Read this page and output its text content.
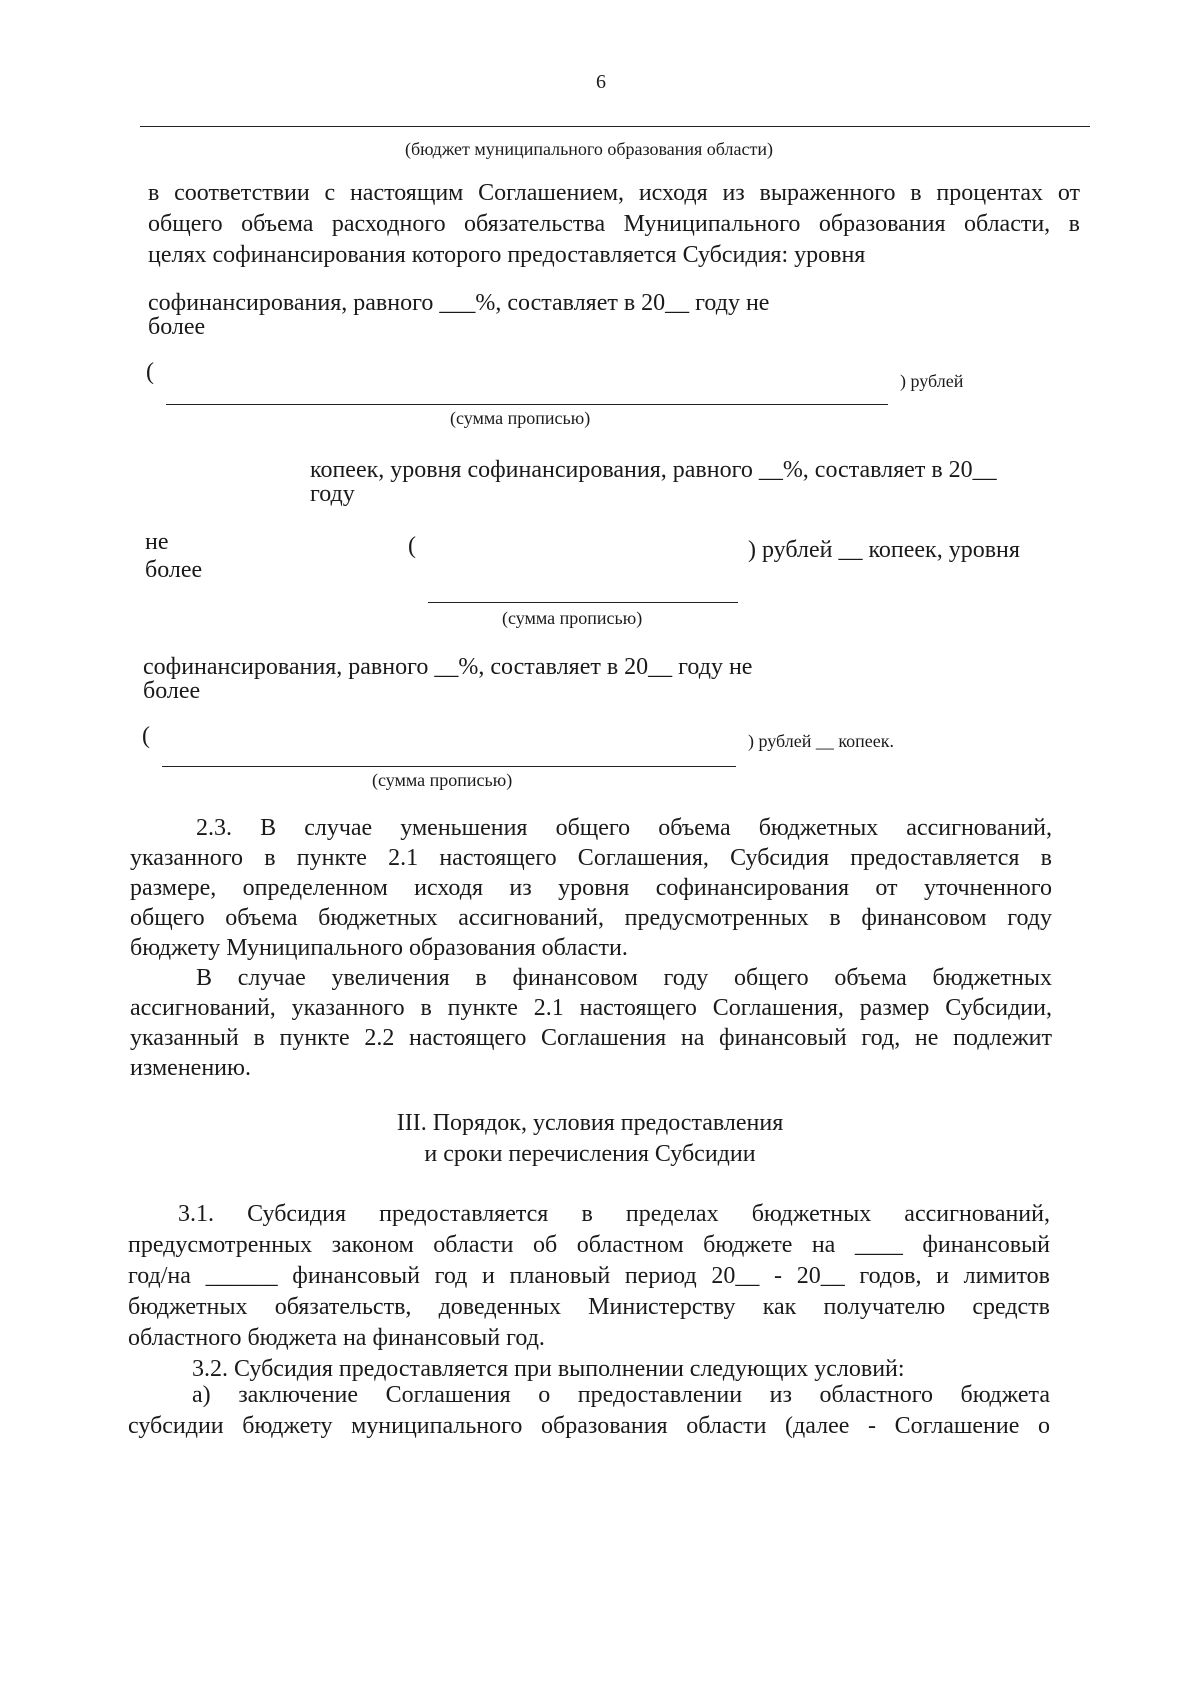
6
(бюджет муниципального образования области)
в соответствии с настоящим Соглашением, исходя из выраженного в процентах от
общего объема расходного обязательства Муниципального образования области, в
целях софинансирования которого предоставляется Субсидия: уровня
софинансирования, равного ___%, составляет в 20__ году не
более
(	) рублей
(сумма прописью)
копеек, уровня софинансирования, равного __%, составляет в 20__
году
не
более
(	) рублей __ копеек, уровня
(сумма прописью)
софинансирования, равного __%, составляет в 20__ году не
более
(	) рублей __ копеек.
(сумма прописью)
2.3. В случае уменьшения общего объема бюджетных ассигнований,
указанного в пункте 2.1 настоящего Соглашения, Субсидия предоставляется в
размере, определенном исходя из уровня софинансирования от уточненного
общего объема бюджетных ассигнований, предусмотренных в финансовом году
бюджету Муниципального образования области.
В случае увеличения в финансовом году общего объема бюджетных
ассигнований, указанного в пункте 2.1 настоящего Соглашения, размер Субсидии,
указанный в пункте 2.2 настоящего Соглашения на финансовый год, не подлежит
изменению.
III. Порядок, условия предоставления
и сроки перечисления Субсидии
3.1. Субсидия предоставляется в пределах бюджетных ассигнований,
предусмотренных законом области об областном бюджете на ____ финансовый
год/на ______ финансовый год и плановый период 20__ - 20__ годов, и лимитов
бюджетных обязательств, доведенных Министерству как получателю средств
областного бюджета на финансовый год.
3.2. Субсидия предоставляется при выполнении следующих условий:
а) заключение Соглашения о предоставлении из областного бюджета
субсидии бюджету муниципального образования области (далее - Соглашение о
